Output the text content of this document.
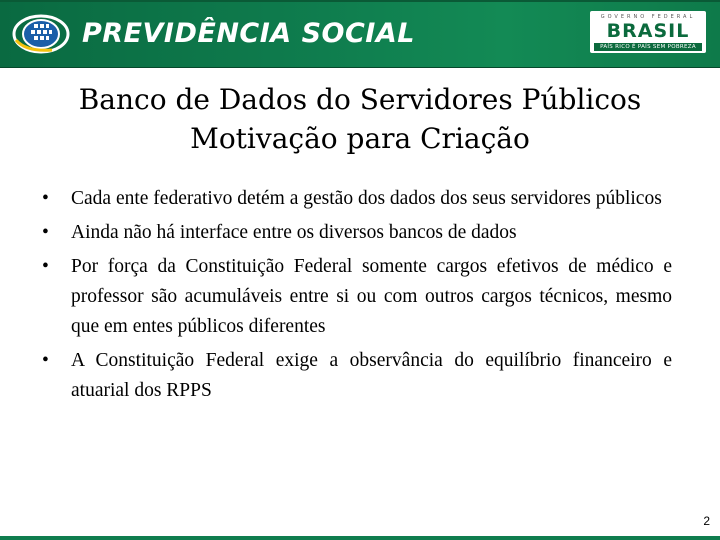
PREVIDÊNCIA SOCIAL
GOVERNO FEDERAL
BRASIL
PAÍS RICO É PAÍS SEM POBREZA
Banco de Dados do Servidores Públicos
Motivação para Criação
• Cada ente federativo detém a gestão dos dados dos seus servidores públicos
• Ainda não há interface entre os diversos bancos de dados
• Por força da Constituição Federal somente cargos efetivos de médico e professor são acumuláveis entre si ou com outros cargos técnicos, mesmo que em entes públicos diferentes
• A Constituição Federal exige a observância do equilíbrio financeiro e atuarial dos RPPS
2
